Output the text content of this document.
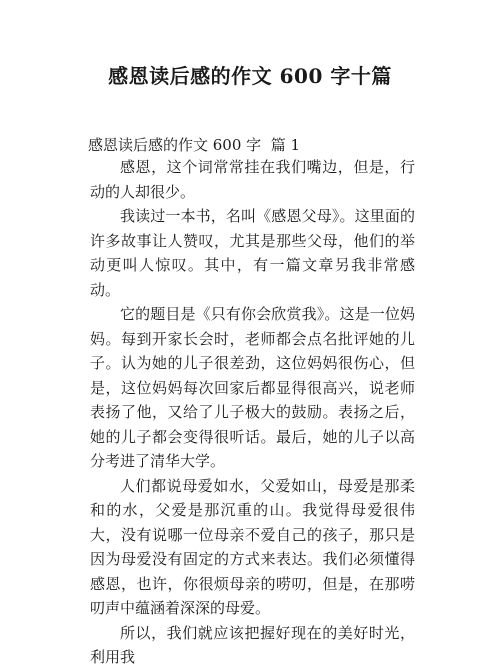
感恩读后感的作文 600 字十篇
感恩读后感的作文 600 字  篇 1

感恩，这个词常常挂在我们嘴边，但是，行动的人却很少。

我读过一本书，名叫《感恩父母》。这里面的许多故事让人赞叹，尤其是那些父母，他们的举动更叫人惊叹。其中，有一篇文章另我非常感动。

它的题目是《只有你会欣赏我》。这是一位妈妈。每到开家长会时，老师都会点名批评她的儿子。认为她的儿子很差劲，这位妈妈很伤心，但是，这位妈妈每次回家后都显得很高兴，说老师表扬了他，又给了儿子极大的鼓励。表扬之后，她的儿子都会变得很听话。最后，她的儿子以高分考进了清华大学。

人们都说母爱如水，父爱如山，母爱是那柔和的水，父爱是那沉重的山。我觉得母爱很伟大，没有说哪一位母亲不爱自己的孩子，那只是因为母爱没有固定的方式来表达。我们必须懂得感恩，也许，你很烦母亲的唠叨，但是，在那唠叨声中蕴涵着深深的母爱。

所以，我们就应该把握好现在的美好时光，利用我
